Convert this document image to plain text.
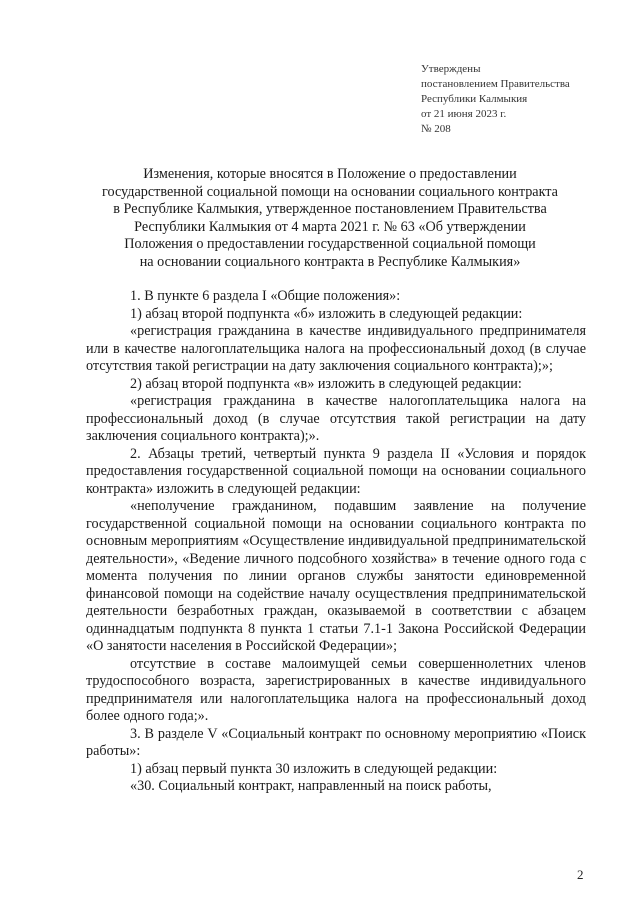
Утверждены
постановлением Правительства
Республики Калмыкия
от 21 июня 2023 г.
№ 208
Изменения, которые вносятся в Положение о предоставлении
государственной социальной помощи на основании социального контракта
в Республике Калмыкия, утвержденное постановлением Правительства
Республики Калмыкия от 4 марта 2021 г. № 63 «Об утверждении
Положения о предоставлении государственной социальной помощи
на основании социального контракта в Республике Калмыкия»

1. В пункте 6 раздела I «Общие положения»:

1) абзац второй подпункта «б» изложить в следующей редакции:

«регистрация гражданина в качестве индивидуального предпринимателя или в качестве налогоплательщика налога на профессиональный доход (в случае отсутствия такой регистрации на дату заключения социального контракта);»;

2) абзац второй подпункта «в» изложить в следующей редакции:

«регистрация гражданина в качестве налогоплательщика налога на профессиональный доход (в случае отсутствия такой регистрации на дату заключения социального контракта);».

2. Абзацы третий, четвертый пункта 9 раздела II «Условия и порядок предоставления государственной социальной помощи на основании социального контракта» изложить в следующей редакции:

«неполучение гражданином, подавшим заявление на получение государственной социальной помощи на основании социального контракта по основным мероприятиям «Осуществление индивидуальной предпринимательской деятельности», «Ведение личного подсобного хозяйства» в течение одного года с момента получения по линии органов службы занятости единовременной финансовой помощи на содействие началу осуществления предпринимательской деятельности безработных граждан, оказываемой в соответствии с абзацем одиннадцатым подпункта 8 пункта 1 статьи 7.1-1 Закона Российской Федерации «О занятости населения в Российской Федерации»;

отсутствие в составе малоимущей семьи совершеннолетних членов трудоспособного возраста, зарегистрированных в качестве индивидуального предпринимателя или налогоплательщика налога на профессиональный доход более одного года;».

3. В разделе V «Социальный контракт по основному мероприятию «Поиск работы»:

1) абзац первый пункта 30 изложить в следующей редакции:

«30. Социальный контракт, направленный на поиск работы,

2
